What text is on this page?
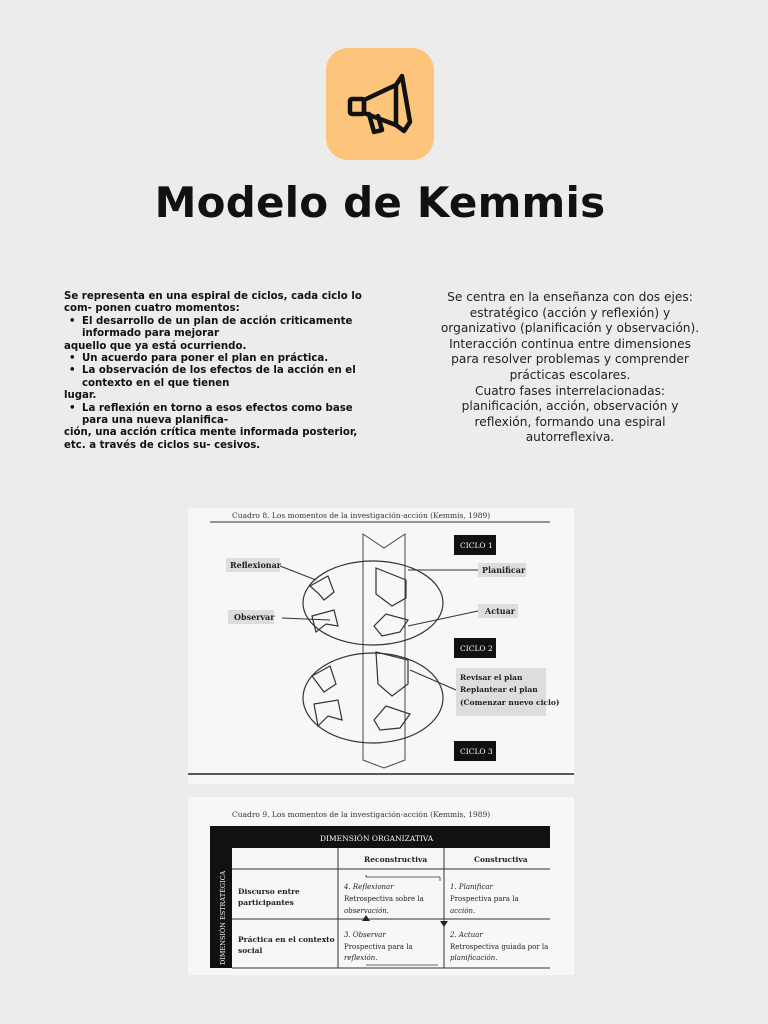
Modelo de Kemmis
Se representa en una espiral de ciclos, cada ciclo lo com- ponen cuatro momentos:
• El desarrollo de un plan de acción criticamente informado para mejorar
aquello que ya está ocurriendo.
• Un acuerdo para poner el plan en práctica.
• La observación de los efectos de la acción en el contexto en el que tienen
lugar.
• La reflexión en torno a esos efectos como base para una nueva planifica-
ción, una acción crítica mente informada posterior, etc. a través de ciclos su- cesivos.
Se centra en la enseñanza con dos ejes: estratégico (acción y reflexión) y organizativo (planificación y observación).
Interacción continua entre dimensiones para resolver problemas y comprender prácticas escolares.
Cuatro fases interrelacionadas: planificación, acción, observación y reflexión, formando una espiral autorreflexiva.
Cuadro 8. Los momentos de la investigación-acción (Kemmis, 1989)
Reflexionar
Observar
Planificar
Actuar
CICLO 1
CICLO 2
CICLO 3
Revisar el plan
Replantear el plan
(Comenzar nuevo ciclo)
Cuadro 9. Los momentos de la investigación-acción (Kemmis, 1989)
DIMENSIÓN ORGANIZATIVA
DIMENSIÓN ESTRATÉGICA
Reconstructiva	Constructiva
Discurso entre
participantes
Práctica en el contexto
social
4. Reflexionar
Retrospectiva sobre la
observación.
1. Planificar
Prospectiva para la
acción.
3. Observar
Prospectiva para la
reflexión.
2. Actuar
Retrospectiva guiada por la
planificación.
